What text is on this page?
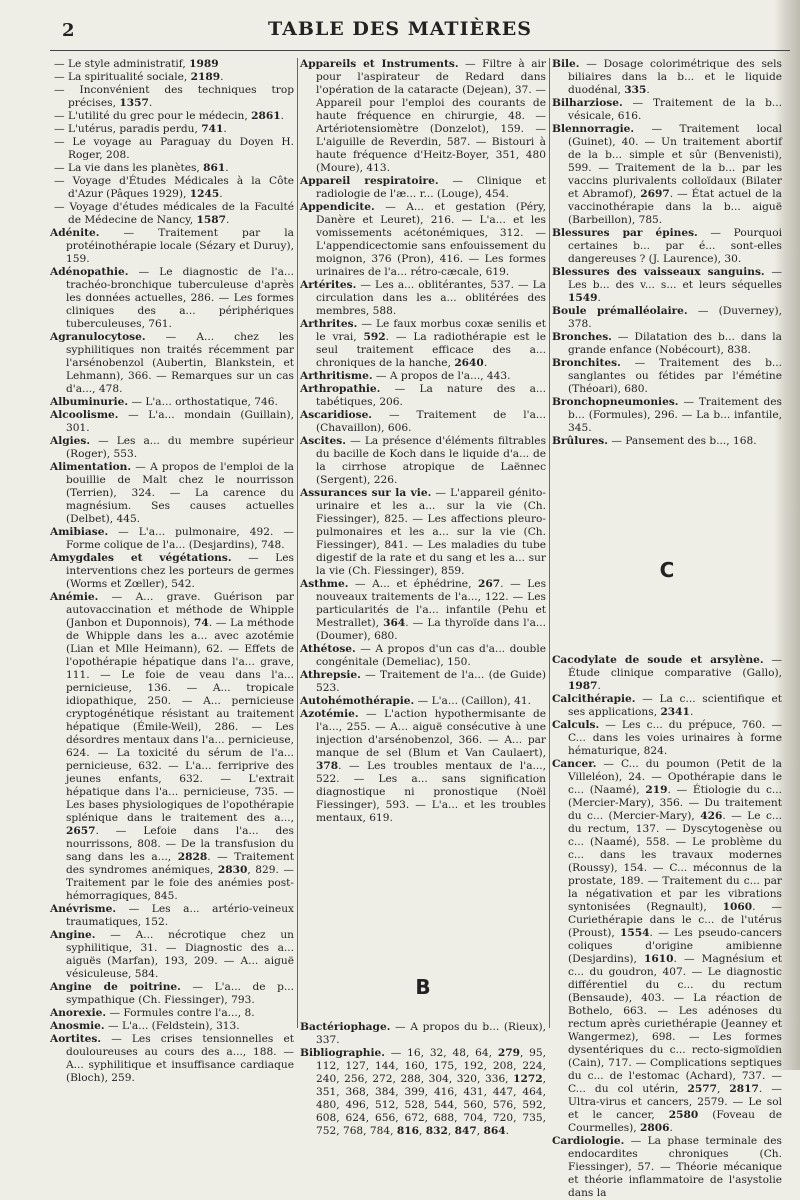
2	TABLE DES MATIÈRES

— Le style administratif, 1989

— La spiritualité sociale, 2189.

— Inconvénient des techniques trop précises, 1357.

— L'utilité du grec pour le médecin, 2861.

— L'utérus, paradis perdu, 741.

— Le voyage au Paraguay du Doyen H. Roger, 208.

— La vie dans les planètes, 861.

— Voyage d'Études Médicales à la Côte d'Azur (Pâques 1929), 1245.

— Voyage d'études médicales de la Faculté de Médecine de Nancy, 1587.

Adénite. — Traitement par la protéinothérapie locale (Sézary et Duruy), 159.

Adénopathie. — Le diagnostic de l'a... trachéo-bronchique tuberculeuse d'après les données actuelles, 286. — Les formes cliniques des a... périphériques tuberculeuses, 761.

Agranulocytose. — A... chez les syphilitiques non traités récemment par l'arsénobenzol (Aubertin, Blankstein, et Lehmann), 366. — Remarques sur un cas d'a..., 478.

Albuminurie. — L'a... orthostatique, 746.

Alcoolisme. — L'a... mondain (Guillain), 301.

Algies. — Les a... du membre supérieur (Roger), 553.

Alimentation. — A propos de l'emploi de la bouillie de Malt chez le nourrisson (Terrien), 324. — La carence du magnésium. Ses causes actuelles (Delbet), 445.

Amibiase. — L'a... pulmonaire, 492. — Forme colique de l'a... (Desjardins), 748.

Amygdales et végétations. — Les interventions chez les porteurs de germes (Worms et Zœller), 542.

Anémie. — A... grave. Guérison par autovaccination et méthode de Whipple (Janbon et Duponnois), 74. — La méthode de Whipple dans les a... avec azotémie (Lian et Mlle Heimann), 62. — Effets de l'opothérapie hépatique dans l'a... grave, 111. — Le foie de veau dans l'a... pernicieuse, 136. — A... tropicale idiopathique, 250. — A... pernicieuse cryptogénétique résistant au traitement hépatique (Émile-Weil), 286. — Les désordres mentaux dans l'a... pernicieuse, 624. — La toxicité du sérum de l'a... pernicieuse, 632. — L'a... ferriprive des jeunes enfants, 632. — L'extrait hépatique dans l'a... pernicieuse, 735. — Les bases physiologiques de l'opothérapie splénique dans le traitement des a..., 2657. — Lefoie dans l'a... des nourrissons, 808. — De la transfusion du sang dans les a..., 2828. — Traitement des syndromes anémiques, 2830, 829. — Traitement par le foie des anémies post-hémorragiques, 845.

Anévrisme. — Les a... artério-veineux traumatiques, 152.

Angine. — A... nécrotique chez un syphilitique, 31. — Diagnostic des a... aiguës (Marfan), 193, 209. — A... aiguë vésiculeuse, 584.

Angine de poitrine. — L'a... de p... sympathique (Ch. Fiessinger), 793.

Anorexie. — Formules contre l'a..., 8.

Anosmie. — L'a... (Feldstein), 313.

Aortites. — Les crises tensionnelles et douloureuses au cours des a..., 188. — A... syphilitique et insuffisance cardiaque (Bloch), 259.

Appareils et Instruments. — Filtre à air pour l'aspirateur de Redard dans l'opération de la cataracte (Dejean), 37. — Appareil pour l'emploi des courants de haute fréquence en chirurgie, 48. — Artériotensiomètre (Donzelot), 159. — L'aiguille de Reverdin, 587. — Bistouri à haute fréquence d'Heitz-Boyer, 351, 480 (Moure), 413.

Appareil respiratoire. — Clinique et radiologie de l'æ... r... (Louge), 454.

Appendicite. — A... et gestation (Péry, Danère et Leuret), 216. — L'a... et les vomissements acétonémiques, 312. — L'appendicectomie sans enfouissement du moignon, 376 (Pron), 416. — Les formes urinaires de l'a... rétro-cæcale, 619.

Artérites. — Les a... oblitérantes, 537. — La circulation dans les a... oblitérées des membres, 588.

Arthrites. — Le faux morbus coxæ senilis et le vrai, 592. — La radiothérapie est le seul traitement efficace des a... chroniques de la hanche, 2640.

Arthritisme. — A propos de l'a..., 443.

Arthropathie. — La nature des a... tabétiques, 206.

Ascaridiose. — Traitement de l'a... (Chavaillon), 606.

Ascites. — La présence d'éléments filtrables du bacille de Koch dans le liquide d'a... de la cirrhose atropique de Laënnec (Sergent), 226.

Assurances sur la vie. — L'appareil génito-urinaire et les a... sur la vie (Ch. Fiessinger), 825. — Les affections pleuro-pulmonaires et les a... sur la vie (Ch. Fiessinger), 841. — Les maladies du tube digestif de la rate et du sang et les a... sur la vie (Ch. Fiessinger), 859.

Asthme. — A... et éphédrine, 267. — Les nouveaux traitements de l'a..., 122. — Les particularités de l'a... infantile (Pehu et Mestrallet), 364. — La thyroïde dans l'a... (Doumer), 680.

Athétose. — A propos d'un cas d'a... double congénitale (Demeliac), 150.

Athrepsie. — Traitement de l'a... (de Guide) 523.

Autohémothérapie. — L'a... (Caillon), 41.

Azotémie. — L'action hypothermisante de l'a..., 255. — A... aiguë consécutive à une injection d'arsénobenzol, 366. — A... par manque de sel (Blum et Van Caulaert), 378. — Les troubles mentaux de l'a..., 522. — Les a... sans signification diagnostique ni pronostique (Noël Fiessinger), 593. — L'a... et les troubles mentaux, 619.

B

Bactériophage. — A propos du b... (Rieux), 337.

Bibliographie. — 16, 32, 48, 64, 279, 95, 112, 127, 144, 160, 175, 192, 208, 224, 240, 256, 272, 288, 304, 320, 336, 1272, 351, 368, 384, 399, 416, 431, 447, 464, 480, 496, 512, 528, 544, 560, 576, 592, 608, 624, 656, 672, 688, 704, 720, 735, 752, 768, 784, 816, 832, 847, 864.

Bile. — Dosage colorimétrique des sels biliaires dans la b... et le liquide duodénal, 335.

Bilharziose. — Traitement de la b... vésicale, 616.

Blennorragie. — Traitement local (Guinet), 40. — Un traitement abortif de la b... simple et sûr (Benvenisti), 599. — Traitement de la b... par les vaccins plurivalents colloïdaux (Bilater et Abramof), 2697. — État actuel de la vaccinothérapie dans la b... aiguë (Barbeillon), 785.

Blessures par épines. — Pourquoi certaines b... par é... sont-elles dangereuses ? (J. Laurence), 30.

Blessures des vaisseaux sanguins. — Les b... des v... s... et leurs séquelles 1549.

Boule prémalléolaire. — (Duverney), 378.

Bronches. — Dilatation des b... dans la grande enfance (Nobécourt), 838.

Bronchites. — Traitement des b... sanglantes ou fétides par l'émétine (Théoari), 680.

Bronchopneumonies. — Traitement des b... (Formules), 296. — La b... infantile, 345.

Brûlures. — Pansement des b..., 168.

C

Cacodylate de soude et arsylène. — Étude clinique comparative (Gallo), 1987.

Calcithérapie. — La c... scientifique et ses applications, 2341.

Calculs. — Les c... du prépuce, 760. — C... dans les voies urinaires à forme hématurique, 824.

Cancer. — C... du poumon (Petit de la Villeléon), 24. — Opothérapie dans le c... (Naamé), 219. — Étiologie du c... (Mercier-Mary), 356. — Du traitement du c... (Mercier-Mary), 426. — Le c... du rectum, 137. — Dyscytogenèse ou c... (Naamé), 558. — Le problème du c... dans les travaux modernes (Roussy), 154. — C... méconnus de la prostate, 189. — Traitement du c... par la négativation et par les vibrations syntonisées (Regnault), 1060. — Curiethérapie dans le c... de l'utérus (Proust), 1554. — Les pseudo-cancers coliques d'origine amibienne (Desjardins), 1610. — Magnésium et c... du goudron, 407. — Le diagnostic différentiel du c... du rectum (Bensaude), 403. — La réaction de Bothelo, 663. — Les adénoses du rectum après curiethérapie (Jeanney et Wangermez), 698. — Les formes dysentériques du c... recto-sigmoïdien (Cain), 717. — Complications septiques du c... de l'estomac (Achard), 737. — C... du col utérin, 2577, 2817. — Ultra-virus et cancers, 2579. — Le sol et le cancer, 2580 (Foveau de Courmelles), 2806.

Cardiologie. — La phase terminale des endocardites chroniques (Ch. Fiessinger), 57. — Théorie mécanique et théorie inflammatoire de l'asystolie dans la
